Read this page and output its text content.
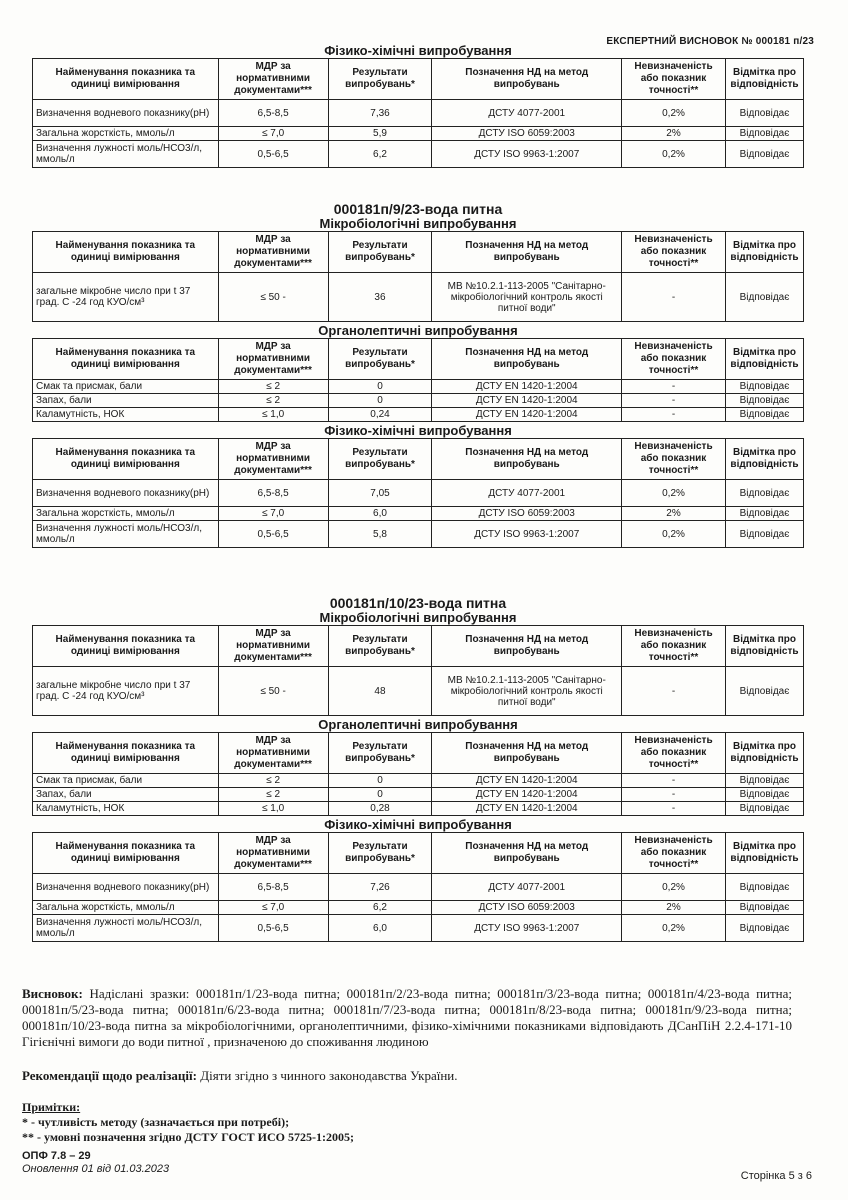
ЕКСПЕРТНИЙ ВИСНОВОК № 000181 п/23
Фізико-хімічні випробування
Найменування показника та одиниці вимірювання	МДР за нормативними документами***	Результати випробувань*	Позначення НД на метод випробувань	Невизначеність або показник точності**	Відмітка про відповідність
Визначення водневого показнику(рН)	6,5-8,5	7,36	ДСТУ 4077-2001	0,2%	Відповідає
Загальна жорсткість, ммоль/л	≤ 7,0	5,9	ДСТУ ISO 6059:2003	2%	Відповідає
Визначення лужності моль/НСО3/л, ммоль/л	0,5-6,5	6,2	ДСТУ ISO 9963-1:2007	0,2%	Відповідає
000181п/9/23-вода питна
Мікробіологічні випробування
Найменування показника та одиниці вимірювання	МДР за нормативними документами***	Результати випробувань*	Позначення НД на метод випробувань	Невизначеність або показник точності**	Відмітка про відповідність
загальне мікробне число при t 37 град. С -24 год КУО/см³	≤ 50 -	36	МВ №10.2.1-113-2005 "Санітарно-мікробіологічний контроль якості питної води"	-	Відповідає
Органолептичні випробування
Найменування показника та одиниці вимірювання	МДР за нормативними документами***	Результати випробувань*	Позначення НД на метод випробувань	Невизначеність або показник точності**	Відмітка про відповідність
Смак та присмак, бали	≤ 2	0	ДСТУ EN 1420-1:2004	-	Відповідає
Запах, бали	≤ 2	0	ДСТУ EN 1420-1:2004	-	Відповідає
Каламутність, НОК	≤ 1,0	0,24	ДСТУ EN 1420-1:2004	-	Відповідає
Фізико-хімічні випробування
Найменування показника та одиниці вимірювання	МДР за нормативними документами***	Результати випробувань*	Позначення НД на метод випробувань	Невизначеність або показник точності**	Відмітка про відповідність
Визначення водневого показнику(рН)	6,5-8,5	7,05	ДСТУ 4077-2001	0,2%	Відповідає
Загальна жорсткість, ммоль/л	≤ 7,0	6,0	ДСТУ ISO 6059:2003	2%	Відповідає
Визначення лужності моль/НСО3/л, ммоль/л	0,5-6,5	5,8	ДСТУ ISO 9963-1:2007	0,2%	Відповідає
000181п/10/23-вода питна
Мікробіологічні випробування
Найменування показника та одиниці вимірювання	МДР за нормативними документами***	Результати випробувань*	Позначення НД на метод випробувань	Невизначеність або показник точності**	Відмітка про відповідність
загальне мікробне число при t 37 град. С -24 год КУО/см³	≤ 50 -	48	МВ №10.2.1-113-2005 "Санітарно-мікробіологічний контроль якості питної води"	-	Відповідає
Органолептичні випробування
Найменування показника та одиниці вимірювання	МДР за нормативними документами***	Результати випробувань*	Позначення НД на метод випробувань	Невизначеність або показник точності**	Відмітка про відповідність
Смак та присмак, бали	≤ 2	0	ДСТУ EN 1420-1:2004	-	Відповідає
Запах, бали	≤ 2	0	ДСТУ EN 1420-1:2004	-	Відповідає
Каламутність, НОК	≤ 1,0	0,28	ДСТУ EN 1420-1:2004	-	Відповідає
Фізико-хімічні випробування
Найменування показника та одиниці вимірювання	МДР за нормативними документами***	Результати випробувань*	Позначення НД на метод випробувань	Невизначеність або показник точності**	Відмітка про відповідність
Визначення водневого показнику(рН)	6,5-8,5	7,26	ДСТУ 4077-2001	0,2%	Відповідає
Загальна жорсткість, ммоль/л	≤ 7,0	6,2	ДСТУ ISO 6059:2003	2%	Відповідає
Визначення лужності моль/НСО3/л, ммоль/л	0,5-6,5	6,0	ДСТУ ISO 9963-1:2007	0,2%	Відповідає
Висновок: Надіслані зразки: 000181п/1/23-вода питна; 000181п/2/23-вода питна; 000181п/3/23-вода питна; 000181п/4/23-вода питна; 000181п/5/23-вода питна; 000181п/6/23-вода питна; 000181п/7/23-вода питна; 000181п/8/23-вода питна; 000181п/9/23-вода питна; 000181п/10/23-вода питна за мікробіологічними, органолептичними, фізико-хімічними показниками відповідають ДСанПіН 2.2.4-171-10 Гігієнічні вимоги до води питної , призначеною до споживання людиною
Рекомендації щодо реалізації: Діяти згідно з чинного законодавства України.
Примітки:
* - чутливість методу (зазначається при потребі);
** - умовні позначення згідно ДСТУ ГОСТ ИСО 5725-1:2005;
ОПФ 7.8 – 29
Оновлення 01 від 01.03.2023
Сторінка 5 з 6
